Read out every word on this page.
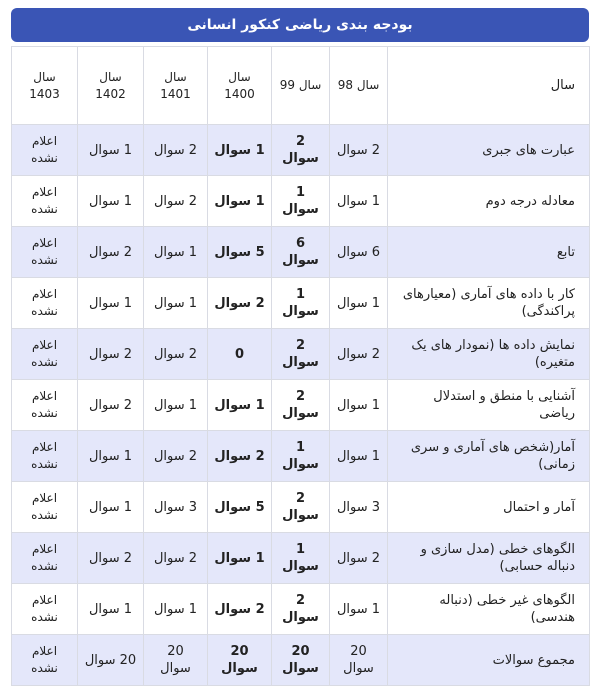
بودجه بندی ریاضی کنکور انسانی
سال	سال 98	سال 99	سال 1400	سال 1401	سال 1402	سال 1403
عبارت های جبری	2 سوال	2 سوال	1 سوال	2 سوال	1 سوال	اعلام نشده
معادله درجه دوم	1 سوال	1 سوال	1 سوال	2 سوال	1 سوال	اعلام نشده
تابع	6 سوال	6 سوال	5 سوال	1 سوال	2 سوال	اعلام نشده
کار با داده های آماری (معیارهای پراکندگی)	1 سوال	1 سوال	2 سوال	1 سوال	1 سوال	اعلام نشده
نمایش داده ها (نمودار های یک متغیره)	2 سوال	2 سوال	0	2 سوال	2 سوال	اعلام نشده
آشنایی با منطق و استدلال ریاضی	1 سوال	2 سوال	1 سوال	1 سوال	2 سوال	اعلام نشده
آمار(شخص های آماری و سری زمانی)	1 سوال	1 سوال	2 سوال	2 سوال	1 سوال	اعلام نشده
آمار و احتمال	3 سوال	2 سوال	5 سوال	3 سوال	1 سوال	اعلام نشده
الگوهای خطی (مدل سازی و دنباله حسابی)	2 سوال	1 سوال	1 سوال	2 سوال	2 سوال	اعلام نشده
الگوهای غیر خطی (دنباله هندسی)	1 سوال	2 سوال	2 سوال	1 سوال	1 سوال	اعلام نشده
مجموع سوالات	20 سوال	20 سوال	20 سوال	20 سوال	20 سوال	اعلام نشده
